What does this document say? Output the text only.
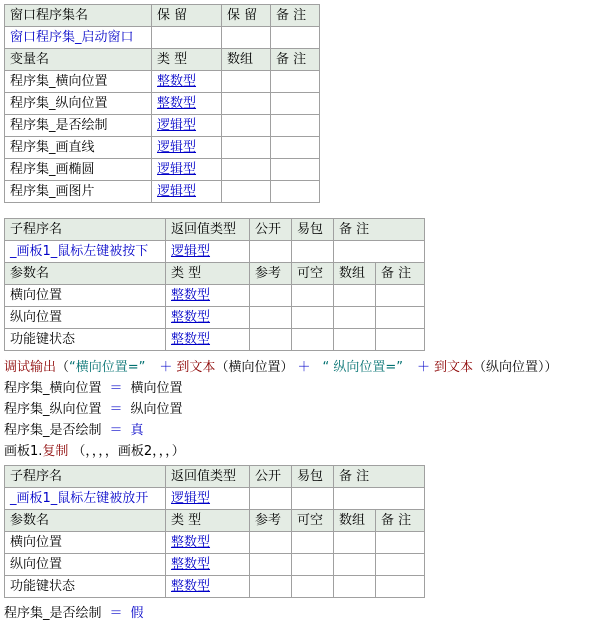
窗口程序集名	保 留	保 留	备 注
窗口程序集_启动窗口			
变量名	类 型	数组	备 注
程序集_横向位置	整数型		
程序集_纵向位置	整数型		
程序集_是否绘制	逻辑型		
程序集_画直线	逻辑型		
程序集_画椭圆	逻辑型		
程序集_画图片	逻辑型		
子程序名	返回值类型	公开	易包	备 注	
_画板1_鼠标左键被按下	逻辑型				
参数名	类 型	参考	可空	数组	备 注
横向位置	整数型				
纵向位置	整数型				
功能键状态	整数型				
调试输出（“横向位置=” ＋ 到文本（横向位置） ＋ “ 纵向位置=” ＋ 到文本（纵向位置））
程序集_横向位置 ＝ 横向位置
程序集_纵向位置 ＝ 纵向位置
程序集_是否绘制 ＝ 真
画板1.复制 （，，，，画板2，，，）
子程序名	返回值类型	公开	易包	备 注	
_画板1_鼠标左键被放开	逻辑型				
参数名	类 型	参考	可空	数组	备 注
横向位置	整数型				
纵向位置	整数型				
功能键状态	整数型				
程序集_是否绘制 ＝ 假
